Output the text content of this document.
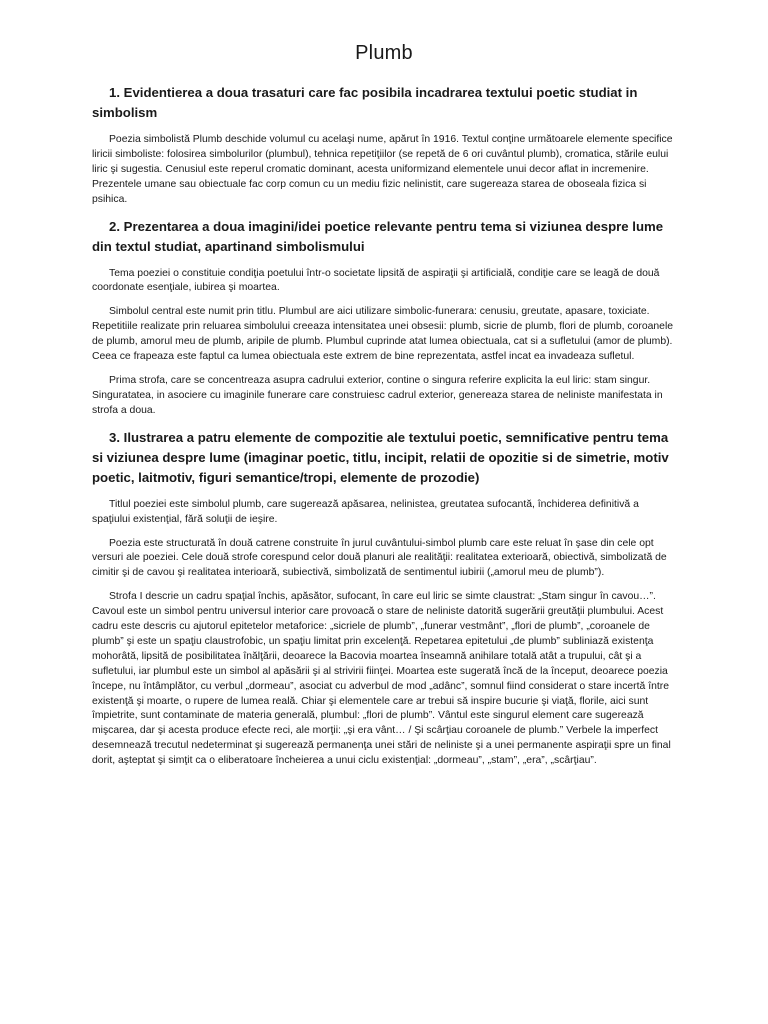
Plumb
1. Evidentierea a doua trasaturi care fac posibila incadrarea textului poetic studiat in simbolism

Poezia simbolistă Plumb deschide volumul cu acelaşi nume, apărut în 1916. Textul conţine următoarele elemente specifice liricii simboliste: folosirea simbolurilor (plumbul), tehnica repetiţiilor (se repetă de 6 ori cuvântul plumb), cromatica, stările eului liric şi sugestia. Cenusiul este reperul cromatic dominant, acesta uniformizand elementele unui decor aflat in incremenire. Prezentele umane sau obiectuale fac corp comun cu un mediu fizic nelinistit, care sugereaza starea de oboseala fizica si psihica.

2. Prezentarea a doua imagini/idei poetice relevante pentru tema si viziunea despre lume din textul studiat, apartinand simbolismului

Tema poeziei o constituie condiţia poetului într-o societate lipsită de aspiraţii şi artificială, condiţie care se leagă de două coordonate esenţiale, iubirea şi moartea.

Simbolul central este numit prin titlu. Plumbul are aici utilizare simbolic-funerara: cenusiu, greutate, apasare, toxiciate. Repetitiile realizate prin reluarea simbolului creeaza intensitatea unei obsesii: plumb, sicrie de plumb, flori de plumb, coroanele de plumb, amorul meu de plumb, aripile de plumb. Plumbul cuprinde atat lumea obiectuala, cat si a sufletului (amor de plumb). Ceea ce frapeaza este faptul ca lumea obiectuala este extrem de bine reprezentata, astfel incat ea invadeaza sufletul.

Prima strofa, care se concentreaza asupra cadrului exterior, contine o singura referire explicita la eul liric: stam singur. Singuratatea, in asociere cu imaginile funerare care construiesc cadrul exterior, genereaza starea de neliniste manifestata in strofa a doua.

3. Ilustrarea a patru elemente de compozitie ale textului poetic, semnificative pentru tema si viziunea despre lume (imaginar poetic, titlu, incipit, relatii de opozitie si de simetrie, motiv poetic, laitmotiv, figuri semantice/tropi, elemente de prozodie)

Titlul poeziei este simbolul plumb, care sugerează apăsarea, nelinistea, greutatea sufocantă, închiderea definitivă a spaţiului existenţial, fără soluţii de ieşire.

Poezia este structurată în două catrene construite în jurul cuvântului-simbol plumb care este reluat în şase din cele opt versuri ale poeziei. Cele două strofe corespund celor două planuri ale realităţii: realitatea exterioară, obiectivă, simbolizată de cimitir şi de cavou şi realitatea interioară, subiectivă, simbolizată de sentimentul iubirii („amorul meu de plumb”).

Strofa I descrie un cadru spaţial închis, apăsător, sufocant, în care eul liric se simte claustrat: „Stam singur în cavou…”. Cavoul este un simbol pentru universul interior care provoacă o stare de neliniste datorită sugerării greutăţii plumbului. Acest cadru este descris cu ajutorul epitetelor metaforice: „sicriele de plumb”, „funerar vestmânt”, „flori de plumb”, „coroanele de plumb” şi este un spaţiu claustrofobic, un spaţiu limitat prin excelenţă. Repetarea epitetului „de plumb” subliniază existenţa mohorâtă, lipsită de posibilitatea înălţării, deoarece la Bacovia moartea înseamnă anihilare totală atât a trupului, cât şi a sufletului, iar plumbul este un simbol al apăsării şi al strivirii fiinţei. Moartea este sugerată încă de la început, deoarece poezia începe, nu întâmplător, cu verbul „dormeau”, asociat cu adverbul de mod „adânc”, somnul fiind considerat o stare incertă între existenţă şi moarte, o rupere de lumea reală. Chiar şi elementele care ar trebui să inspire bucurie şi viaţă, florile, aici sunt împietrite, sunt contaminate de materia generală, plumbul: „flori de plumb”. Vântul este singurul element care sugerează mişcarea, dar şi acesta produce efecte reci, ale morţii: „şi era vânt… / Şi scârţiau coroanele de plumb.” Verbele la imperfect desemnează trecutul nedeterminat şi sugerează permanenţa unei stări de neliniste şi a unei permanente aspiraţii spre un final dorit, aşteptat şi simţit ca o eliberatoare încheierea a unui ciclu existenţial: „dormeau”, „stam”, „era”, „scârţiau”.
